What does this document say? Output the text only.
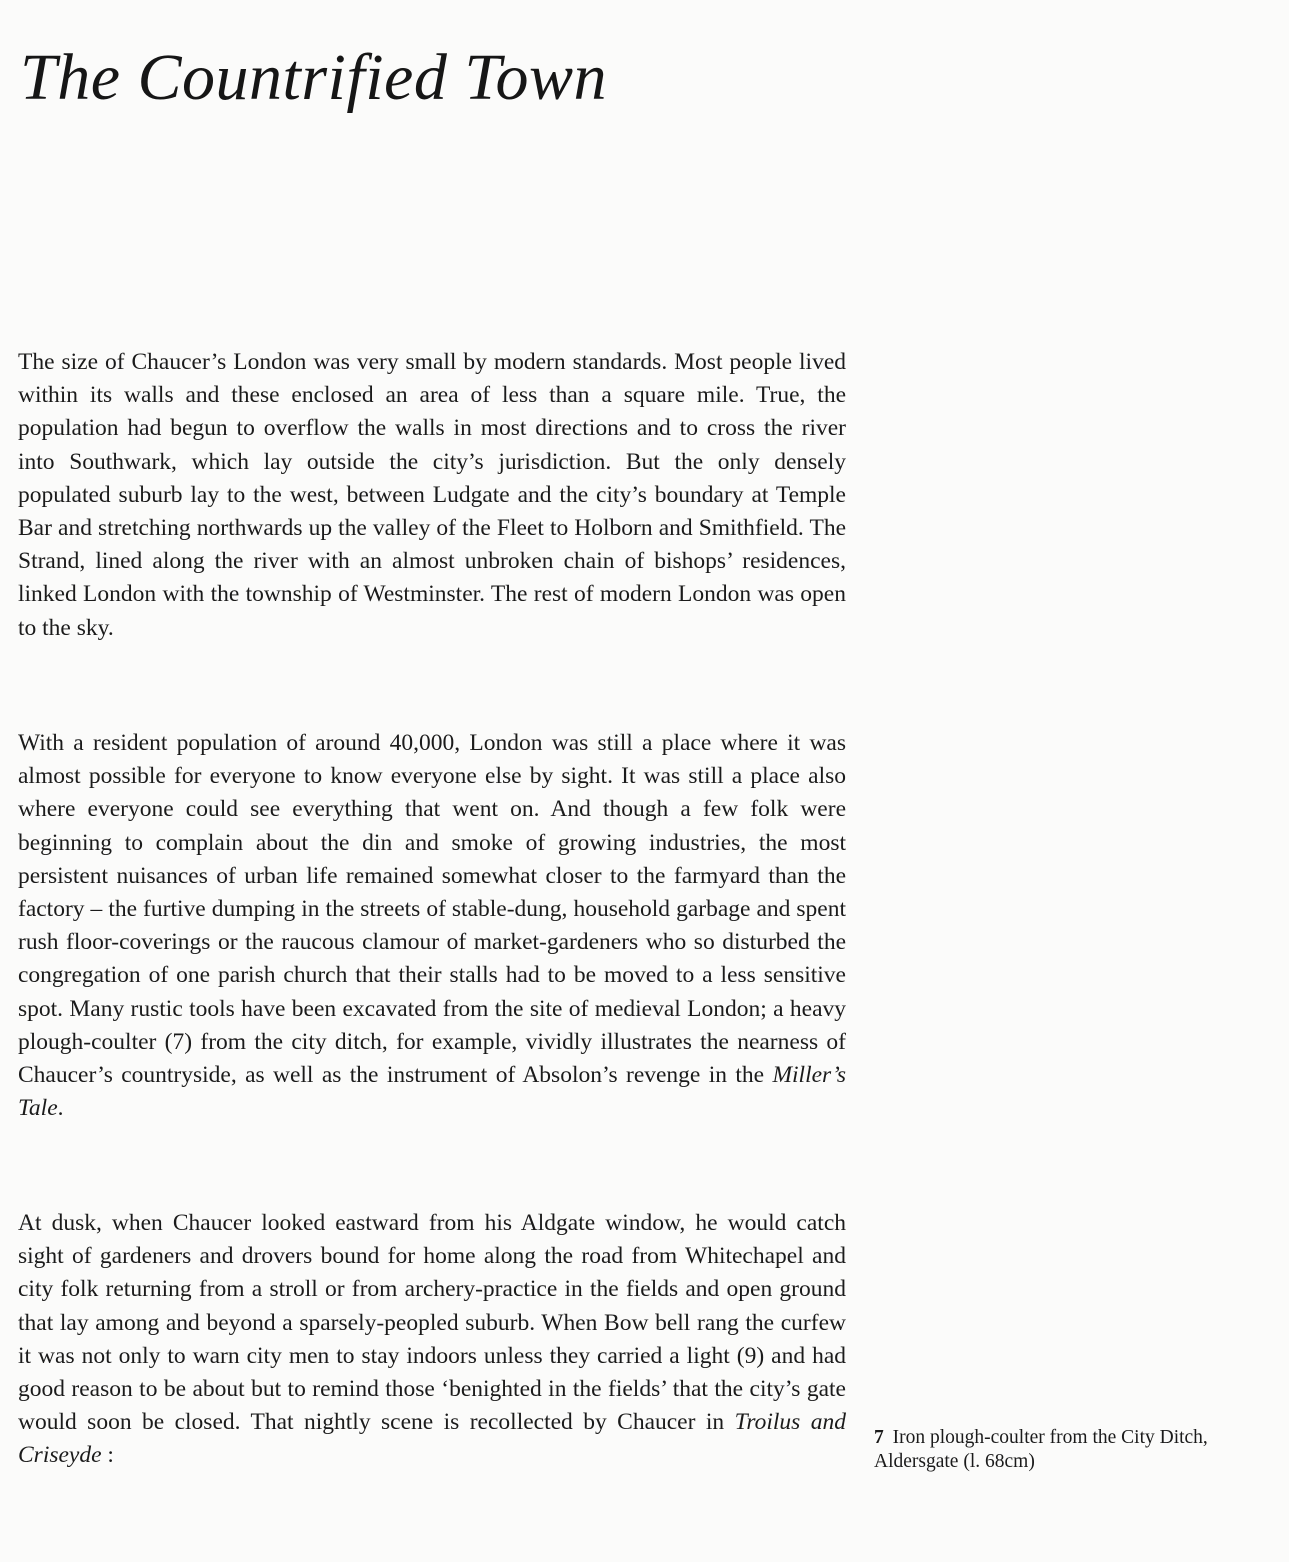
The Countrified Town

The size of Chaucer’s London was very small by modern standards. Most people lived within its walls and these enclosed an area of less than a square mile. True, the population had begun to overflow the walls in most directions and to cross the river into Southwark, which lay outside the city’s jurisdiction. But the only densely populated suburb lay to the west, between Ludgate and the city’s boundary at Temple Bar and stretching northwards up the valley of the Fleet to Holborn and Smithfield. The Strand, lined along the river with an almost unbroken chain of bishops’ residences, linked London with the township of Westminster. The rest of modern London was open to the sky.

With a resident population of around 40,000, London was still a place where it was almost possible for everyone to know everyone else by sight. It was still a place also where everyone could see everything that went on. And though a few folk were beginning to complain about the din and smoke of growing industries, the most persistent nuisances of urban life remained somewhat closer to the farmyard than the factory – the furtive dumping in the streets of stable-dung, household garbage and spent rush floor-coverings or the raucous clamour of market-gardeners who so disturbed the congregation of one parish church that their stalls had to be moved to a less sensitive spot. Many rustic tools have been excavated from the site of medieval London; a heavy plough-coulter (7) from the city ditch, for example, vividly illustrates the nearness of Chaucer’s countryside, as well as the instrument of Absolon’s revenge in the Miller’s Tale.

At dusk, when Chaucer looked eastward from his Aldgate window, he would catch sight of gardeners and drovers bound for home along the road from Whitechapel and city folk returning from a stroll or from archery-practice in the fields and open ground that lay among and beyond a sparsely-peopled suburb. When Bow bell rang the curfew it was not only to warn city men to stay indoors unless they carried a light (9) and had good reason to be about but to remind those ‘benighted in the fields’ that the city’s gate would soon be closed. That nightly scene is recollected by Chaucer in Troilus and Criseyde :

7 Iron plough-coulter from the City Ditch, Aldersgate (l. 68cm)
